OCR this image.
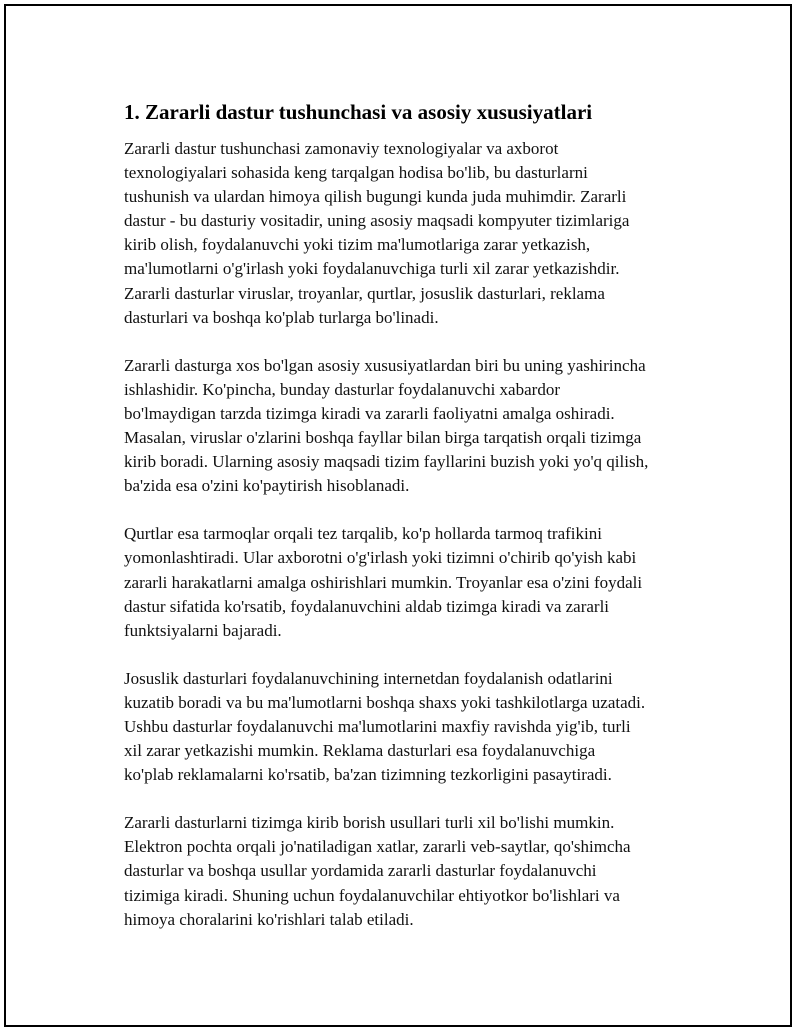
1. Zararli dastur tushunchasi va asosiy xususiyatlari

Zararli dastur tushunchasi zamonaviy texnologiyalar va axborot
texnologiyalari sohasida keng tarqalgan hodisa bo'lib, bu dasturlarni
tushunish va ulardan himoya qilish bugungi kunda juda muhimdir. Zararli
dastur - bu dasturiy vositadir, uning asosiy maqsadi kompyuter tizimlariga
kirib olish, foydalanuvchi yoki tizim ma'lumotlariga zarar yetkazish,
ma'lumotlarni o'g'irlash yoki foydalanuvchiga turli xil zarar yetkazishdir.
Zararli dasturlar viruslar, troyanlar, qurtlar, josuslik dasturlari, reklama
dasturlari va boshqa ko'plab turlarga bo'linadi.

Zararli dasturga xos bo'lgan asosiy xususiyatlardan biri bu uning yashirincha
ishlashidir. Ko'pincha, bunday dasturlar foydalanuvchi xabardor
bo'lmaydigan tarzda tizimga kiradi va zararli faoliyatni amalga oshiradi.
Masalan, viruslar o'zlarini boshqa fayllar bilan birga tarqatish orqali tizimga
kirib boradi. Ularning asosiy maqsadi tizim fayllarini buzish yoki yo'q qilish,
ba'zida esa o'zini ko'paytirish hisoblanadi.

Qurtlar esa tarmoqlar orqali tez tarqalib, ko'p hollarda tarmoq trafikini
yomonlashtiradi. Ular axborotni o'g'irlash yoki tizimni o'chirib qo'yish kabi
zararli harakatlarni amalga oshirishlari mumkin. Troyanlar esa o'zini foydali
dastur sifatida ko'rsatib, foydalanuvchini aldab tizimga kiradi va zararli
funktsiyalarni bajaradi.

Josuslik dasturlari foydalanuvchining internetdan foydalanish odatlarini
kuzatib boradi va bu ma'lumotlarni boshqa shaxs yoki tashkilotlarga uzatadi.
Ushbu dasturlar foydalanuvchi ma'lumotlarini maxfiy ravishda yig'ib, turli
xil zarar yetkazishi mumkin. Reklama dasturlari esa foydalanuvchiga
ko'plab reklamalarni ko'rsatib, ba'zan tizimning tezkorligini pasaytiradi.

Zararli dasturlarni tizimga kirib borish usullari turli xil bo'lishi mumkin.
Elektron pochta orqali jo'natiladigan xatlar, zararli veb-saytlar, qo'shimcha
dasturlar va boshqa usullar yordamida zararli dasturlar foydalanuvchi
tizimiga kiradi. Shuning uchun foydalanuvchilar ehtiyotkor bo'lishlari va
himoya choralarini ko'rishlari talab etiladi.
